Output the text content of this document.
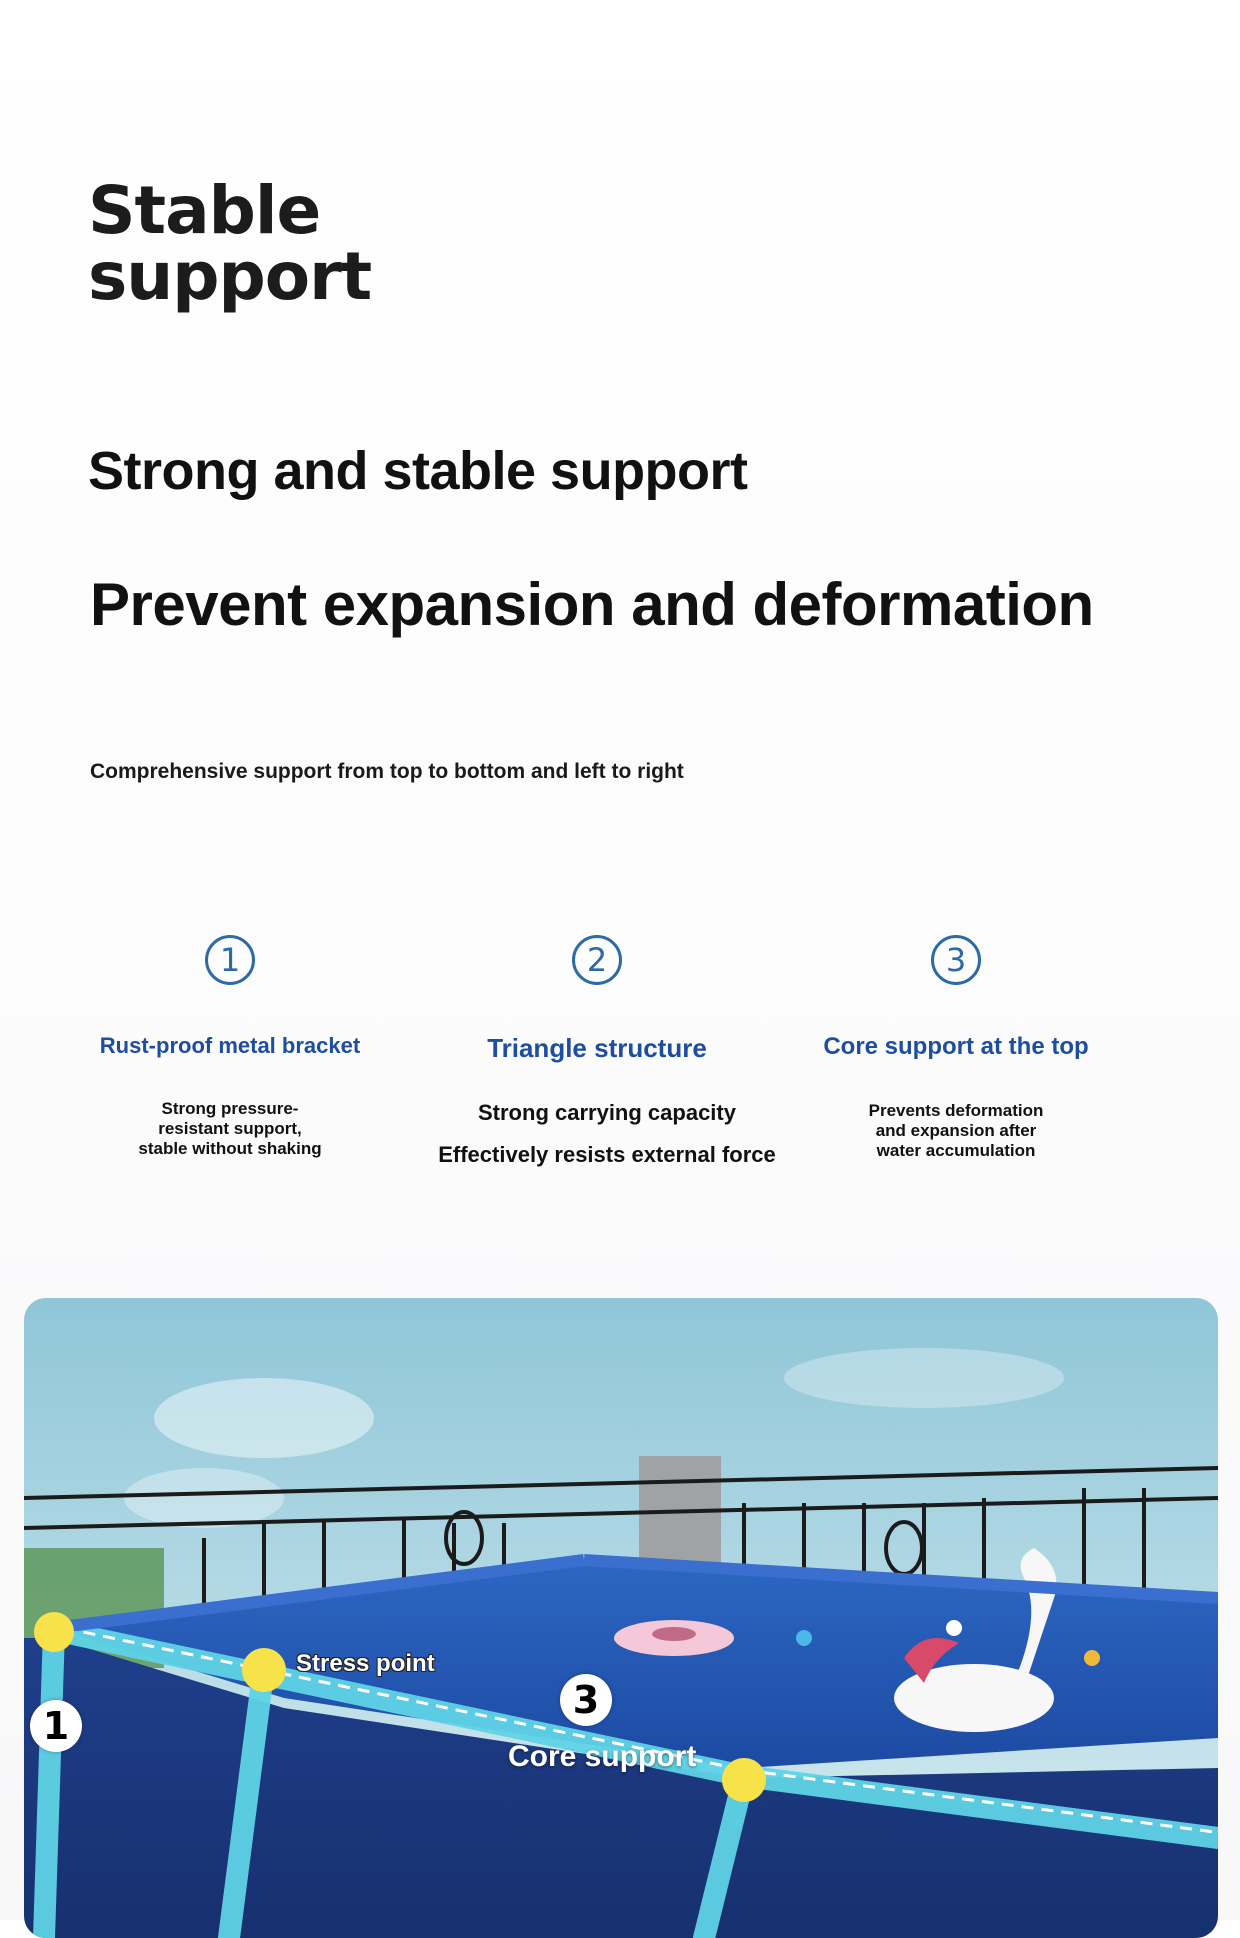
Stable
support
Strong and stable support
Prevent expansion and deformation
Comprehensive support from top to bottom and left to right
1
Rust-proof metal bracket
Strong pressure-
resistant support,
stable without shaking
2
Triangle structure
Strong carrying capacity
Effectively resists external force
3
Core support at the top
Prevents deformation
and expansion after
water accumulation
Stress point
Core support
1
3
